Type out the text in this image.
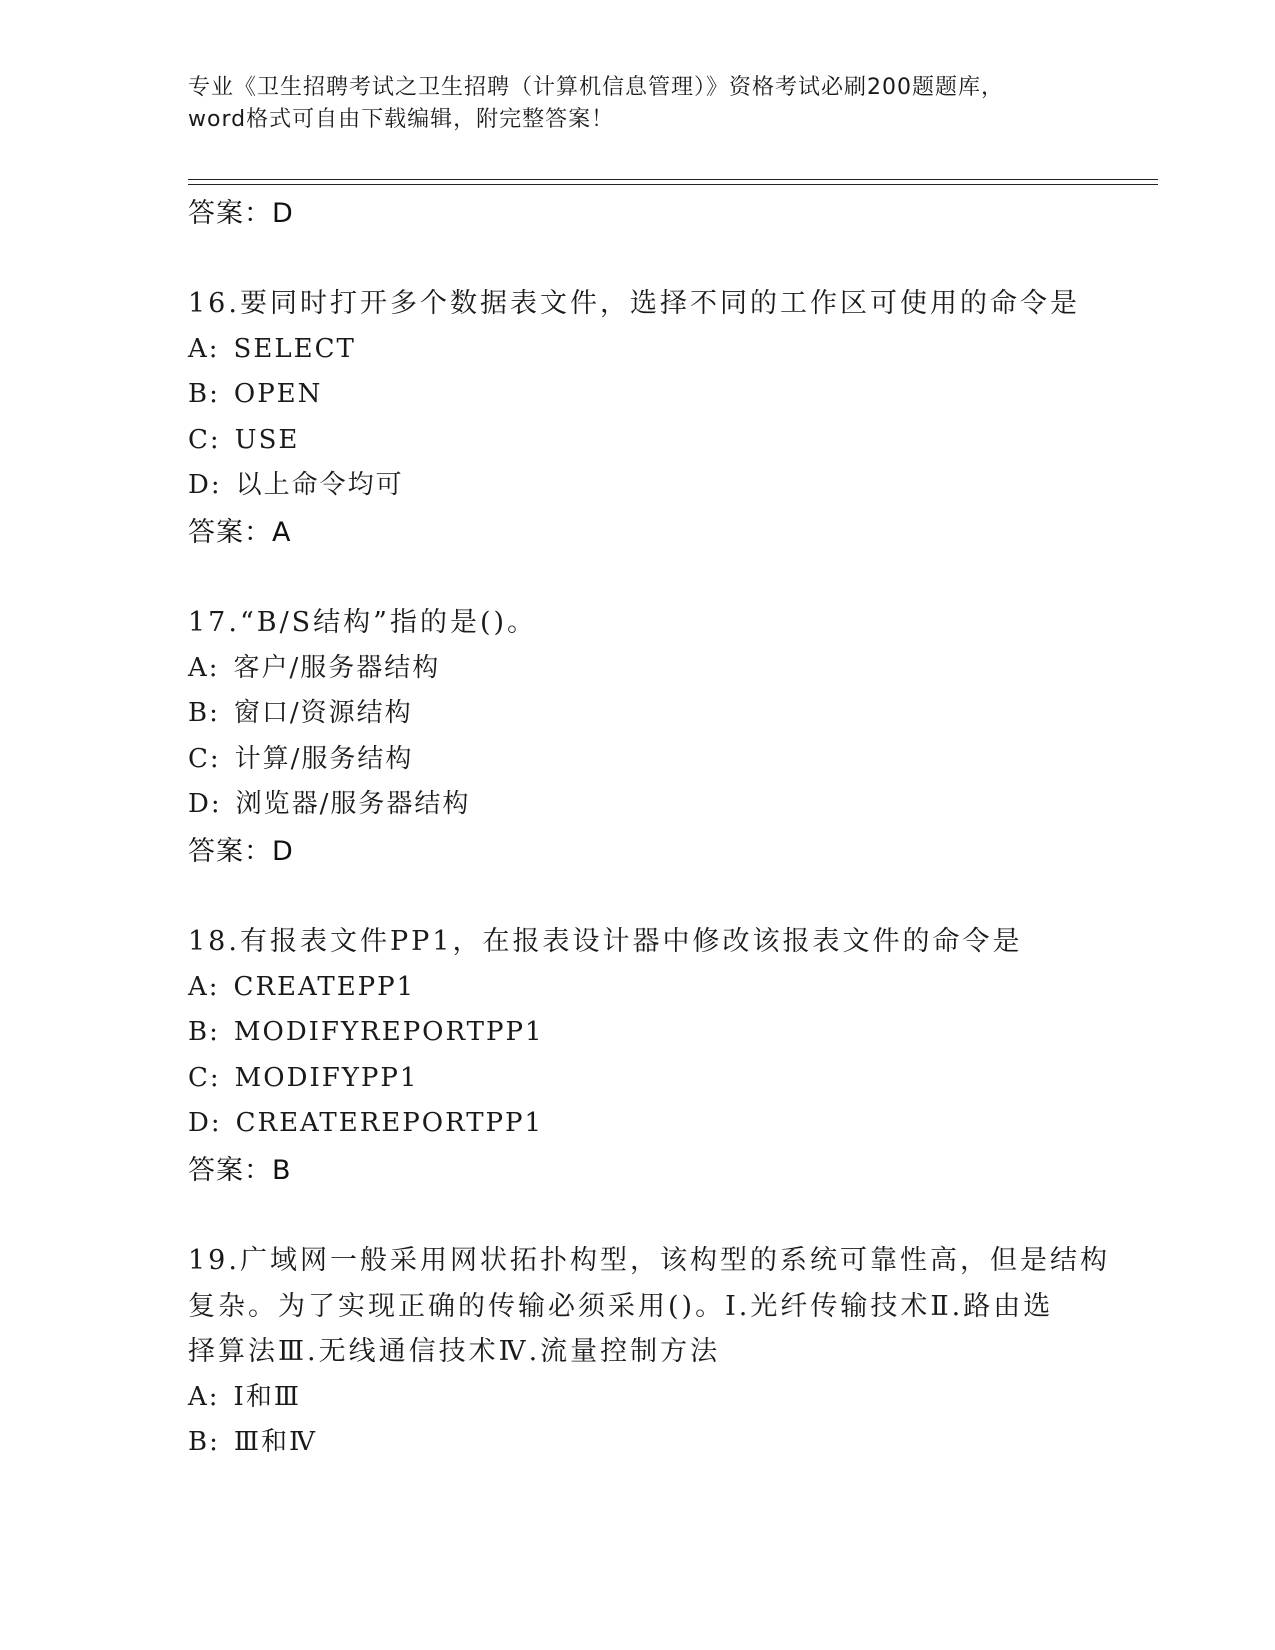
专业《卫生招聘考试之卫生招聘（计算机信息管理）》资格考试必刷200题题库，
word格式可自由下载编辑，附完整答案！
答案：D
16.要同时打开多个数据表文件，选择不同的工作区可使用的命令是
A: SELECT
B: OPEN
C: USE
D: 以上命令均可
答案：A
17.“B/S结构”指的是()。
A: 客户/服务器结构
B: 窗口/资源结构
C: 计算/服务结构
D: 浏览器/服务器结构
答案：D
18.有报表文件PP1，在报表设计器中修改该报表文件的命令是
A: CREATEPP1
B: MODIFYREPORTPP1
C: MODIFYPP1
D: CREATEREPORTPP1
答案：B
19.广域网一般采用网状拓扑构型，该构型的系统可靠性高，但是结构
复杂。为了实现正确的传输必须采用()。Ⅰ.光纤传输技术Ⅱ.路由选
择算法Ⅲ.无线通信技术Ⅳ.流量控制方法
A: Ⅰ和Ⅲ
B: Ⅲ和Ⅳ
